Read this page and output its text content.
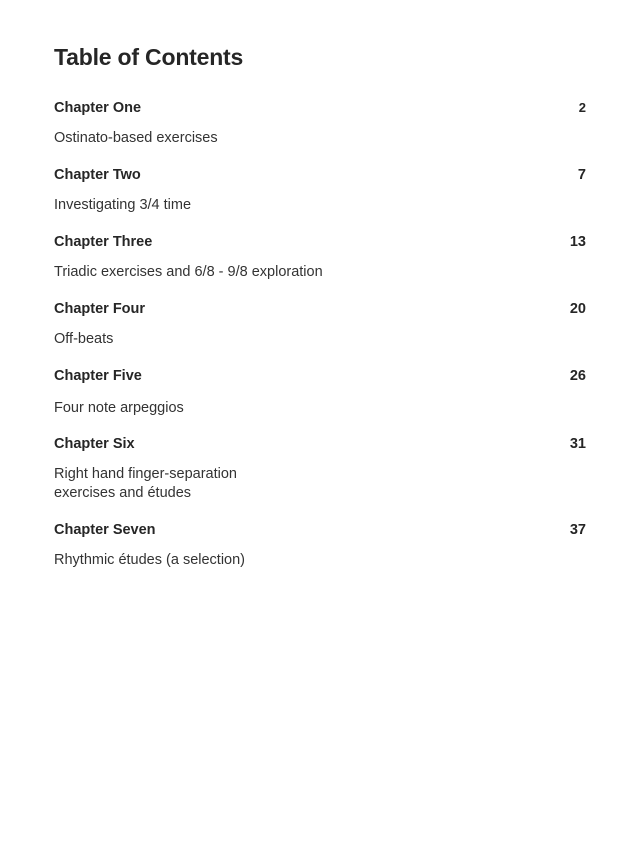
Table of Contents
Chapter One	2
Ostinato-based exercises
Chapter Two	7
Investigating 3/4 time
Chapter Three	13
Triadic exercises and 6/8 - 9/8 exploration
Chapter Four	20
Off-beats
Chapter Five	26
Four note arpeggios
Chapter Six	31
Right hand finger-separation exercises and études
Chapter Seven	37
Rhythmic études (a selection)
